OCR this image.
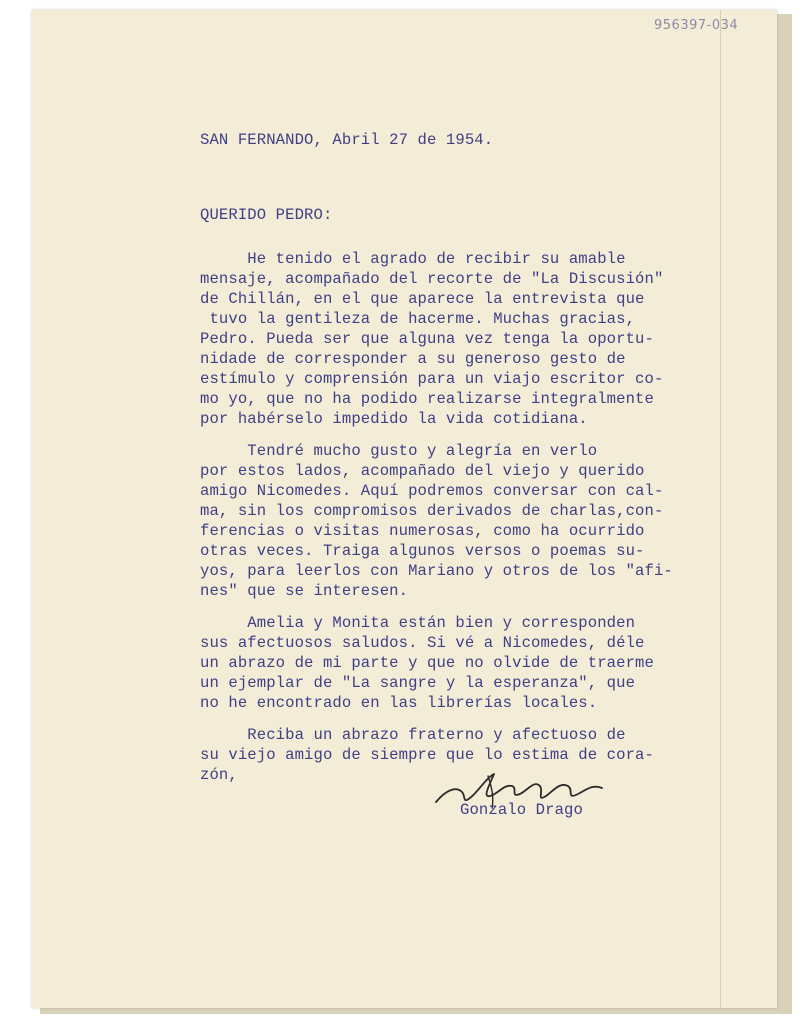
956397-034
SAN FERNANDO, Abril 27 de 1954.
QUERIDO PEDRO:
He tenido el agrado de recibir su amable
mensaje, acompañado del recorte de "La Discusión"
de Chillán, en el que aparece la entrevista que
tuvo la gentileza de hacerme. Muchas gracias,
Pedro. Pueda ser que alguna vez tenga la oportu-
nidade de corresponder a su generoso gesto de
estímulo y comprensión para un viajo escritor co-
mo yo, que no ha podido realizarse integralmente
por habérselo impedido la vida cotidiana.
Tendré mucho gusto y alegría en verlo
por estos lados, acompañado del viejo y querido
amigo Nicomedes. Aquí podremos conversar con cal-
ma, sin los compromisos derivados de charlas,con-
ferencias o visitas numerosas, como ha ocurrido
otras veces. Traiga algunos versos o poemas su-
yos, para leerlos con Mariano y otros de los "afi-
nes" que se interesen.
Amelia y Monita están bien y corresponden
sus afectuosos saludos. Si vé a Nicomedes, déle
un abrazo de mi parte y que no olvide de traerme
un ejemplar de "La sangre y la esperanza", que
no he encontrado en las librerías locales.
Reciba un abrazo fraterno y afectuoso de
su viejo amigo de siempre que lo estima de cora-
zón,
Gonzalo Drago
